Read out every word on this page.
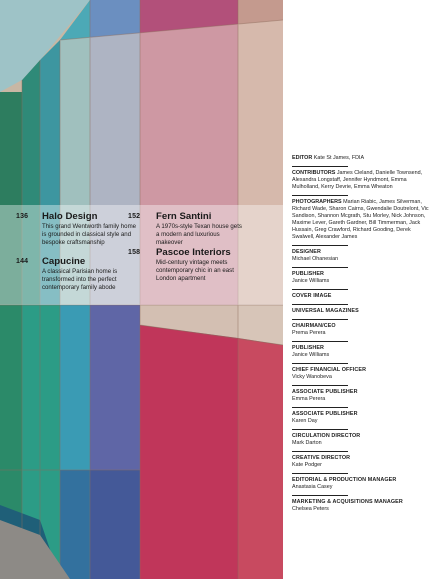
136 Halo Design
This grand Wentworth family home is grounded in classical style and bespoke craftsmanship
144 Capucine
A classical Parisian home is transformed into the perfect contemporary family abode
152 Fern Santini
A 1970s-style Texan house gets a modern and luxurious makeover
158 Pascoe Interiors
Mid-century vintage meets contemporary chic in an east London apartment
EDITOR Kate St James, FDIA
CONTRIBUTORS James Cleland, Danielle Townsend, Alexandra Longstaff, Jennifer Hyndmont, Emma Mulholland, Kerry Devrie, Emma Wheaton
PHOTOGRAPHERS Marian Riabic, James Silverman, Richard Wade, Sharon Cairns, Gwendalie Doutrelont, Vic Sandison, Shannon Mcgrath, Stu Morley, Nick Johnson, Maxime Lever, Gareth Gardner, Bill Timmerman, Jack Hussain, Greg Crawford, Richard Gooding, Derek Swalwell, Alexander James
DESIGNER
Michael Ohanesian
PUBLISHER
Janice Williams
COVER IMAGE
UNIVERSAL MAGAZINES
CHAIRMAN/CEO
Prema Perera
PUBLISHER
Janice Williams
CHIEF FINANCIAL OFFICER
Vicky Wanobeva
ASSOCIATE PUBLISHER
Emma Perera
ASSOCIATE PUBLISHER
Karen Day
CIRCULATION DIRECTOR
Mark Darton
CREATIVE DIRECTOR
Kate Podger
EDITORIAL & PRODUCTION MANAGER
Anastasia Casey
MARKETING & ACQUISITIONS MANAGER
Chelsea Peters
